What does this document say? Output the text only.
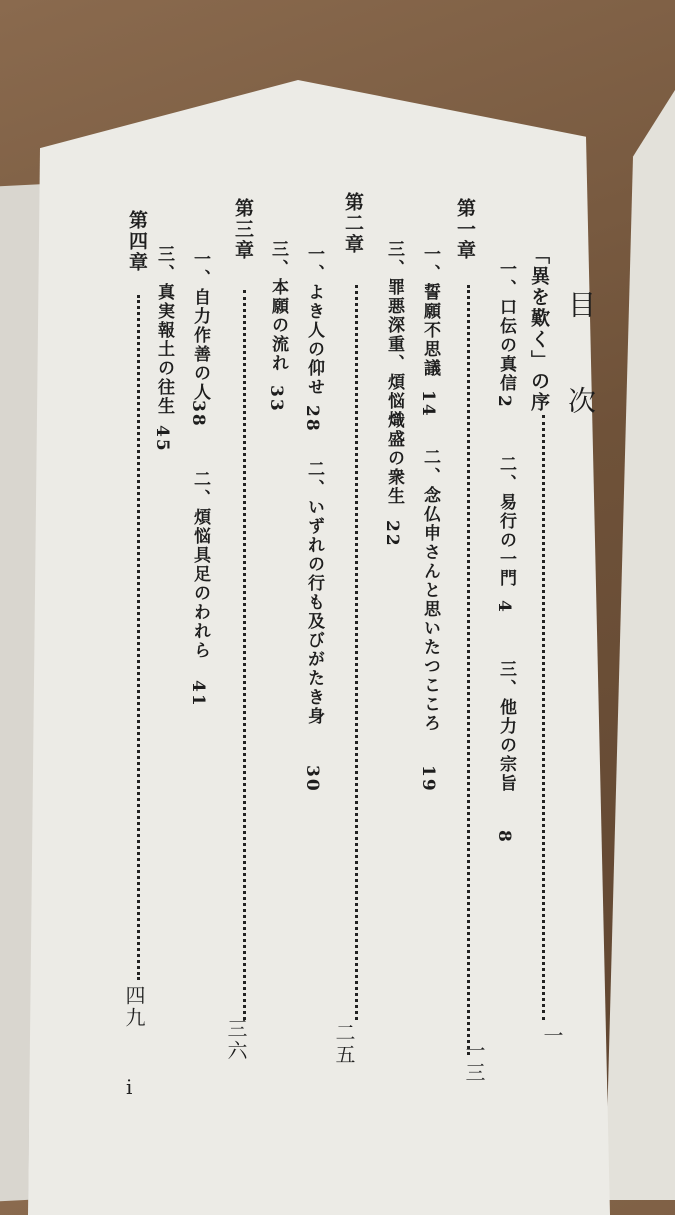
目　次
「異を歎く」の序
一
一、口伝の真信
2
二、易行の一門
4
三、他力の宗旨
8
第一章
一三
一、誓願不思議
14
二、念仏申さんと思いたつこころ
19
三、罪悪深重、煩悩熾盛の衆生
22
第二章
二五
一、よき人の仰せ
28
二、いずれの行も及びがたき身
30
三、本願の流れ
33
第三章
三六
一、自力作善の人
38
二、煩悩具足のわれら
41
三、真実報土の往生
45
第四章
四九
i
